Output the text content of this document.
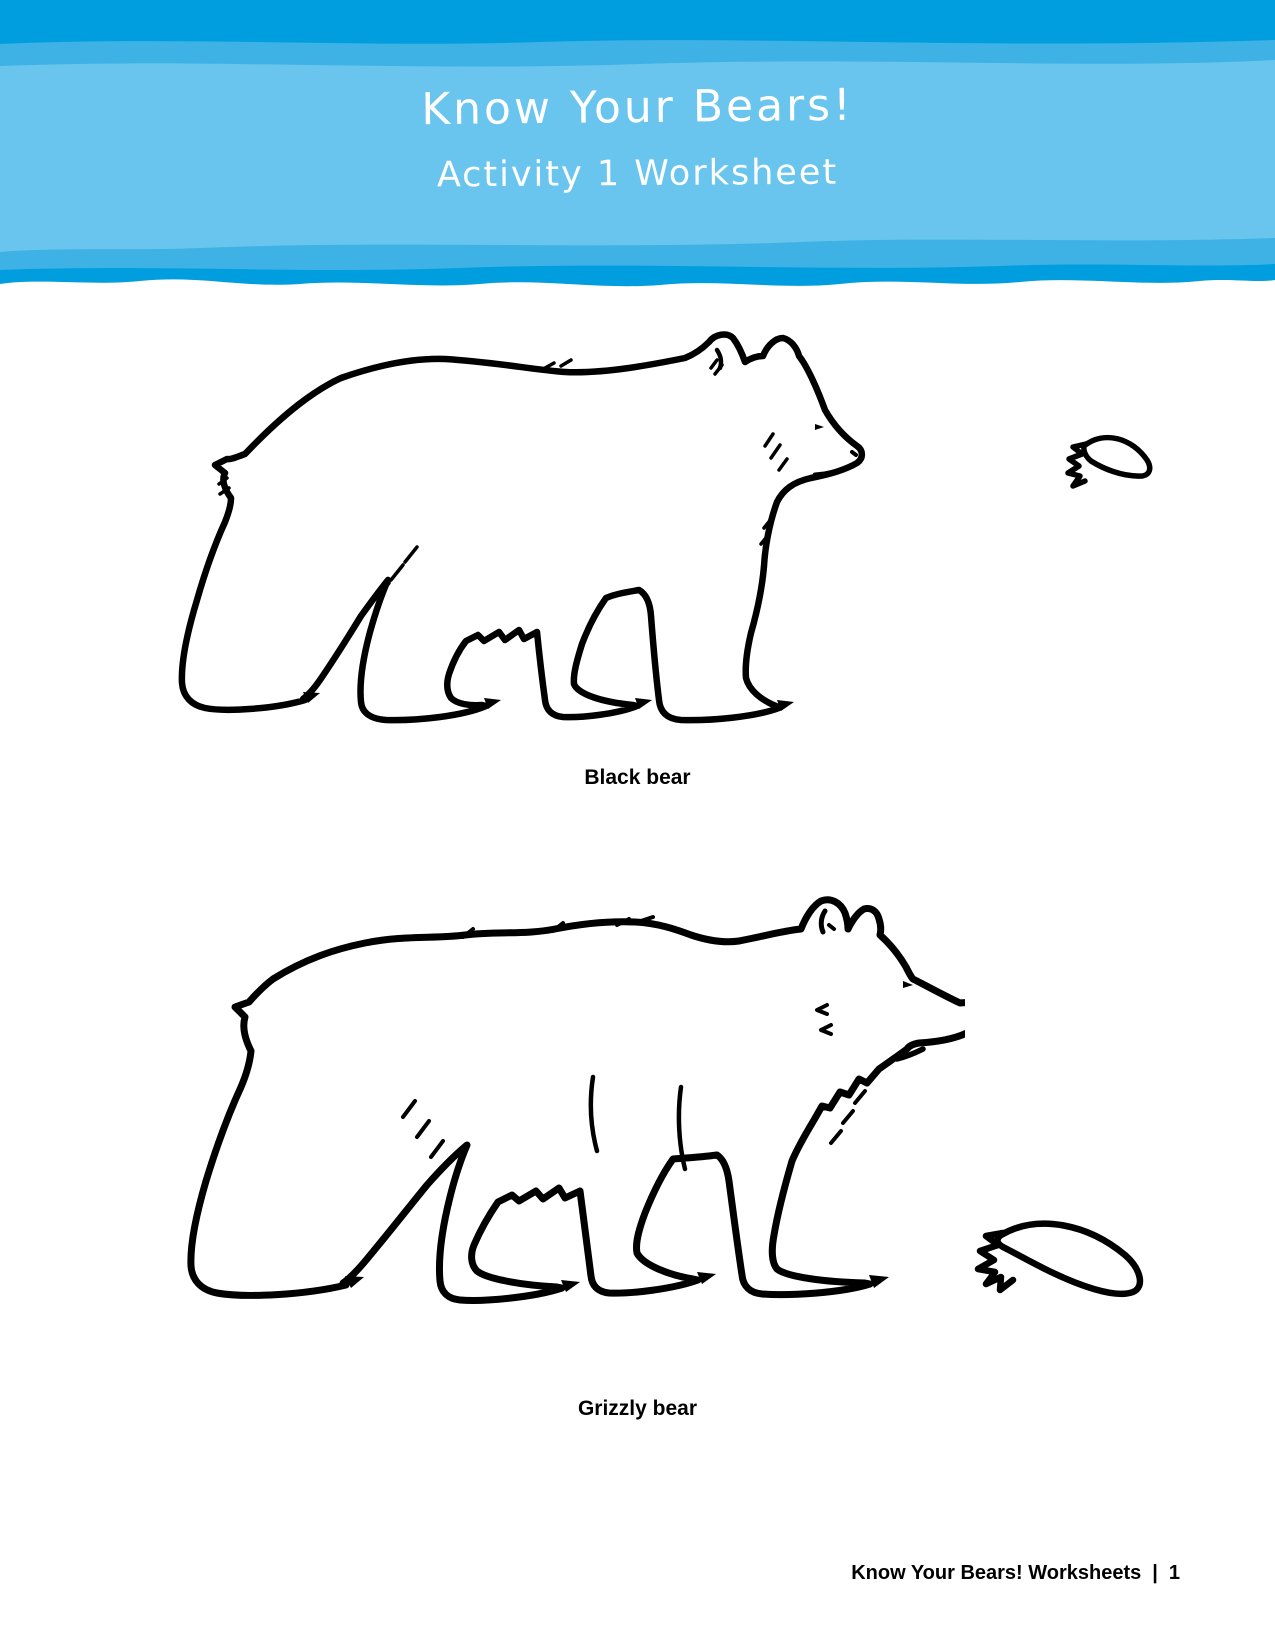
Know Your Bears!
Activity 1 Worksheet
Black bear
Grizzly bear
Know Your Bears! Worksheets | 1
